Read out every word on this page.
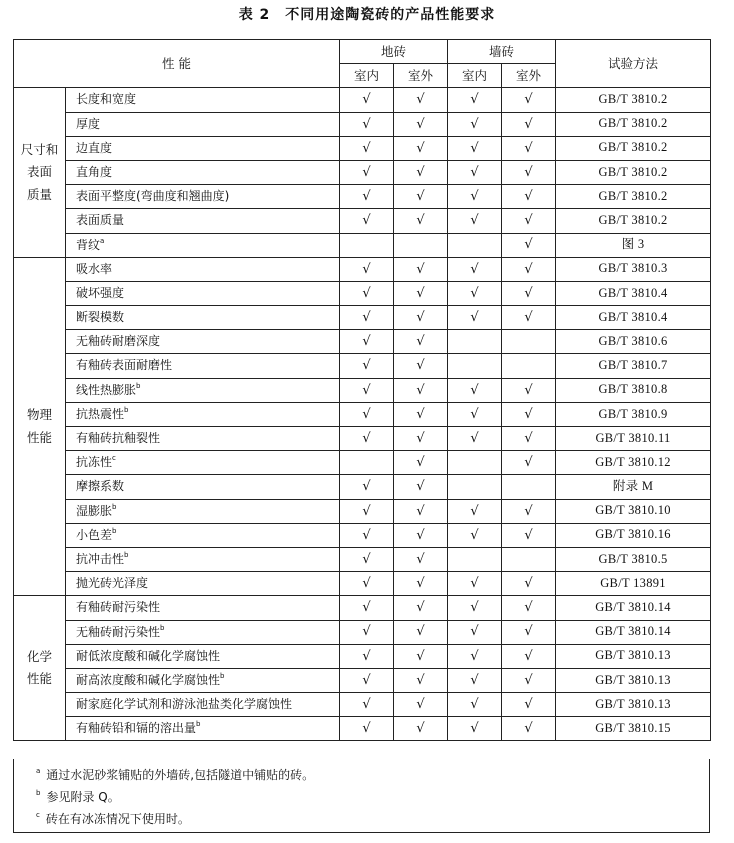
表 2　不同用途陶瓷砖的产品性能要求
性 能		地砖		墙砖		试验方法
		室内	室外	室内	室外	
尺寸和
表面
质量	长度和宽度	√	√	√	√	GB/T 3810.2
	厚度	√	√	√	√	GB/T 3810.2
	边直度	√	√	√	√	GB/T 3810.2
	直角度	√	√	√	√	GB/T 3810.2
	表面平整度(弯曲度和翘曲度)	√	√	√	√	GB/T 3810.2
	表面质量	√	√	√	√	GB/T 3810.2
	背纹$^a$				√	图 3
物理
性能	吸水率	√	√	√	√	GB/T 3810.3
	破坏强度	√	√	√	√	GB/T 3810.4
	断裂模数	√	√	√	√	GB/T 3810.4
	无釉砖耐磨深度	√	√			GB/T 3810.6
	有釉砖表面耐磨性	√	√			GB/T 3810.7
	线性热膨胀$^b$	√	√	√	√	GB/T 3810.8
	抗热震性$^b$	√	√	√	√	GB/T 3810.9
	有釉砖抗釉裂性	√	√	√	√	GB/T 3810.11
	抗冻性$^c$		√		√	GB/T 3810.12
	摩擦系数	√	√			附录 M
	湿膨胀$^b$	√	√	√	√	GB/T 3810.10
	小色差$^b$	√	√	√	√	GB/T 3810.16
	抗冲击性$^b$	√	√			GB/T 3810.5
	抛光砖光泽度	√	√	√	√	GB/T 13891
化学
性能	有釉砖耐污染性	√	√	√	√	GB/T 3810.14
	无釉砖耐污染性$^b$	√	√	√	√	GB/T 3810.14
	耐低浓度酸和碱化学腐蚀性	√	√	√	√	GB/T 3810.13
	耐高浓度酸和碱化学腐蚀性$^b$	√	√	√	√	GB/T 3810.13
	耐家庭化学试剂和游泳池盐类化学腐蚀性	√	√	√	√	GB/T 3810.13
	有釉砖铅和镉的溶出量$^b$	√	√	√	√	GB/T 3810.15
$^a$ 通过水泥砂浆铺贴的外墙砖,包括隧道中铺贴的砖。
$^b$ 参见附录 Q。
$^c$ 砖在有冰冻情况下使用时。
